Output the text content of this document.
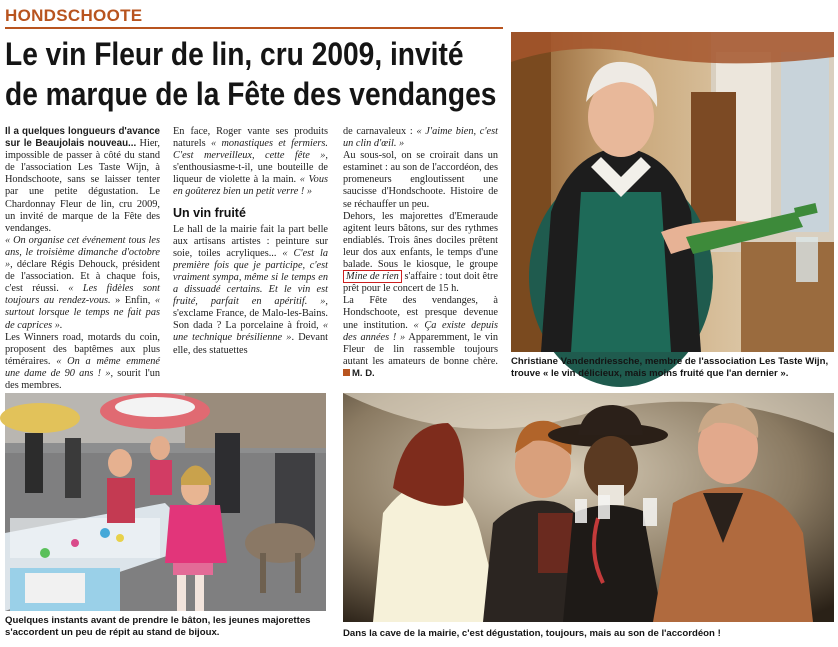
HONDSCHOOTE
Le vin Fleur de lin, cru 2009, invité
de marque de la Fête des vendanges

Il a quelques longueurs d'avance sur le Beaujolais nouveau... Hier, impossible de passer à côté du stand de l'association Les Taste Wijn, à Hondschoote, sans se laisser tenter par une petite dégustation. Le Chardonnay Fleur de lin, cru 2009, un invité de marque de la Fête des vendanges.

« On organise cet événement tous les ans, le troisième dimanche d'octobre », déclare Régis Dehouck, président de l'association. Et à chaque fois, c'est réussi. « Les fidèles sont toujours au rendez-vous. » Enfin, « surtout lorsque le temps ne fait pas de caprices ».

Les Winners road, motards du coin, proposent des baptêmes aux plus téméraires. « On a même emmené une dame de 90 ans ! », sourit l'un des membres.

En face, Roger vante ses produits naturels « monastiques et fermiers. C'est merveilleux, cette fête », s'enthousiasme-t-il, une bouteille de liqueur de violette à la main. « Vous en goûterez bien un petit verre ! »

Un vin fruité

Le hall de la mairie fait la part belle aux artisans artistes : peinture sur soie, toiles acryliques... « C'est la première fois que je participe, c'est vraiment sympa, même si le temps en a dissuadé certains. Et le vin est fruité, parfait en apéritif. », s'exclame France, de Malo-les-Bains. Son dada ? La porcelaine à froid, « une technique brésilienne ». Devant elle, des statuettes

de carnavaleux : « J'aime bien, c'est un clin d'œil. »

Au sous-sol, on se croirait dans un estaminet : au son de l'accordéon, des promeneurs engloutissent une saucisse d'Hondschoote. Histoire de se réchauffer un peu.

Dehors, les majorettes d'Emeraude agitent leurs bâtons, sur des rythmes endiablés. Trois ânes dociles prêtent leur dos aux enfants, le temps d'une balade. Sous le kiosque, le groupe Mine de rien s'affaire : tout doit être prêt pour le concert de 15 h.

La Fête des vendanges, à Hondschoote, est presque devenue une institution. « Ça existe depuis des années ! » Apparemment, le vin Fleur de lin rassemble toujours autant les amateurs de bonne chère. M. D.

Christiane Vandendriessche, membre de l'association Les Taste Wijn, trouve « le vin délicieux, mais moins fruité que l'an dernier ».
Quelques instants avant de prendre le bâton, les jeunes majorettes s'accordent un peu de répit au stand de bijoux.	Dans la cave de la mairie, c'est dégustation, toujours, mais au son de l'accordéon !
